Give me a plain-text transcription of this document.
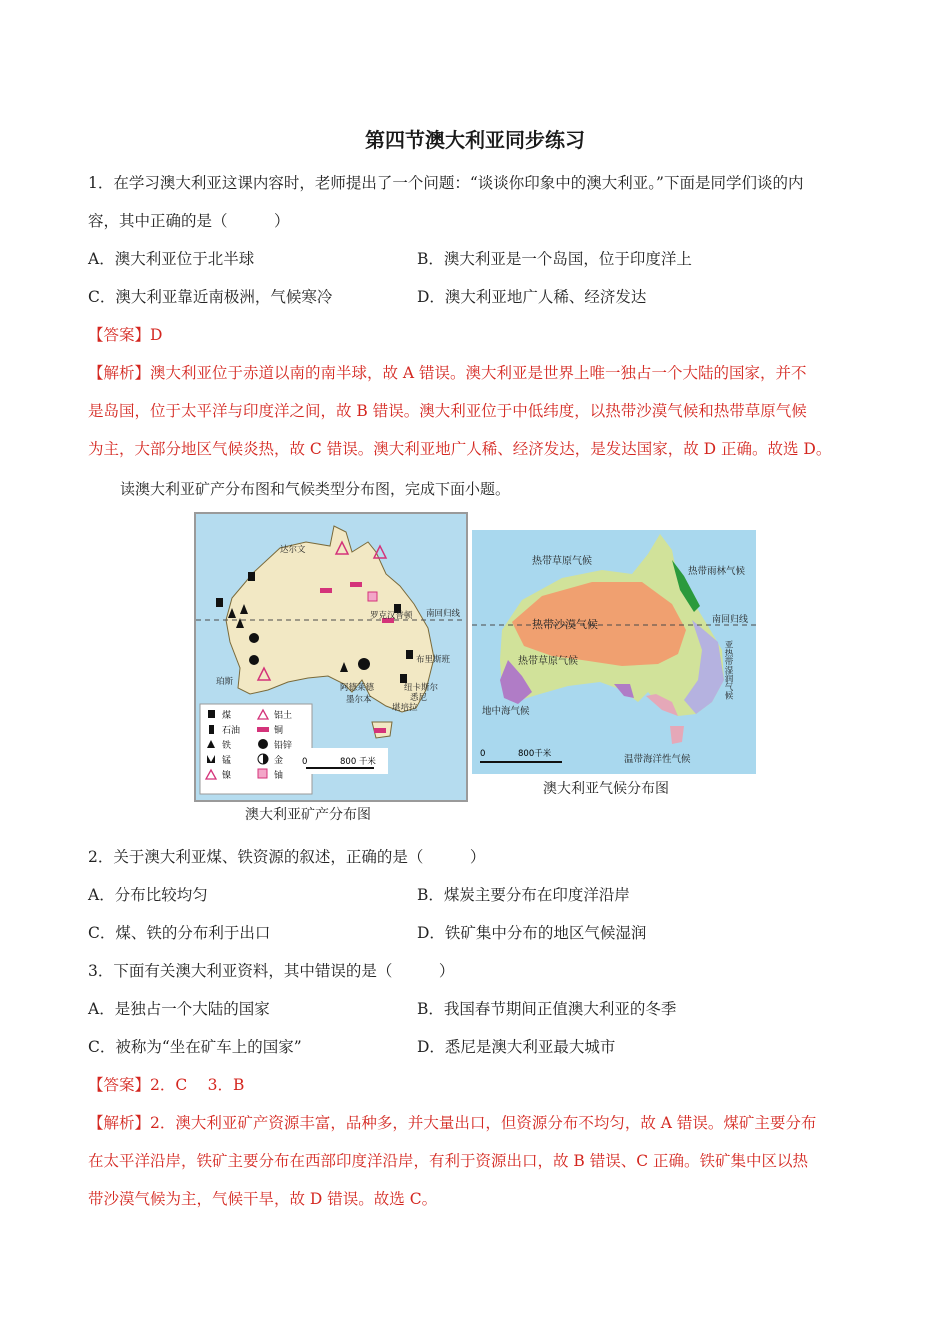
第四节澳大利亚同步练习
1．在学习澳大利亚这课内容时，老师提出了一个问题：“谈谈你印象中的澳大利亚。”下面是同学们谈的内
容，其中正确的是（　　　）
A．澳大利亚位于北半球	B．澳大利亚是一个岛国，位于印度洋上
C．澳大利亚靠近南极洲，气候寒冷	D．澳大利亚地广人稀、经济发达
【答案】D
【解析】澳大利亚位于赤道以南的南半球，故 A 错误。澳大利亚是世界上唯一独占一个大陆的国家，并不
是岛国，位于太平洋与印度洋之间，故 B 错误。澳大利亚位于中低纬度，以热带沙漠气候和热带草原气候
为主，大部分地区气候炎热，故 C 错误。澳大利亚地广人稀、经济发达，是发达国家，故 D 正确。故选 D。
读澳大利亚矿产分布图和气候类型分布图，完成下面小题。
达尔文
罗克汉普顿 南回归线
布里斯班
珀斯
阿德莱德	纽卡斯尔
悉尼
墨尔本
堪培拉
煤
石油
铁
锰
镍
铝土
铜
铅锌
金
铀
0	800 千米
澳大利亚矿产分布图
热带草原气候
热带雨林气候
南回归线
热带沙漠气候
热带草原气候	亚热带湿润气候
地中海气候
温带海洋性气候
0	800千米
澳大利亚气候分布图
2．关于澳大利亚煤、铁资源的叙述，正确的是（　　　）
A．分布比较均匀	B．煤炭主要分布在印度洋沿岸
C．煤、铁的分布利于出口	D．铁矿集中分布的地区气候湿润
3．下面有关澳大利亚资料，其中错误的是（　　　）
A．是独占一个大陆的国家	B．我国春节期间正值澳大利亚的冬季
C．被称为“坐在矿车上的国家”	D．悉尼是澳大利亚最大城市
【答案】2．C　 3．B
【解析】2．澳大利亚矿产资源丰富，品种多，并大量出口，但资源分布不均匀，故 A 错误。煤矿主要分布
在太平洋沿岸，铁矿主要分布在西部印度洋沿岸，有利于资源出口，故 B 错误、C 正确。铁矿集中区以热
带沙漠气候为主，气候干旱，故 D 错误。故选 C。
